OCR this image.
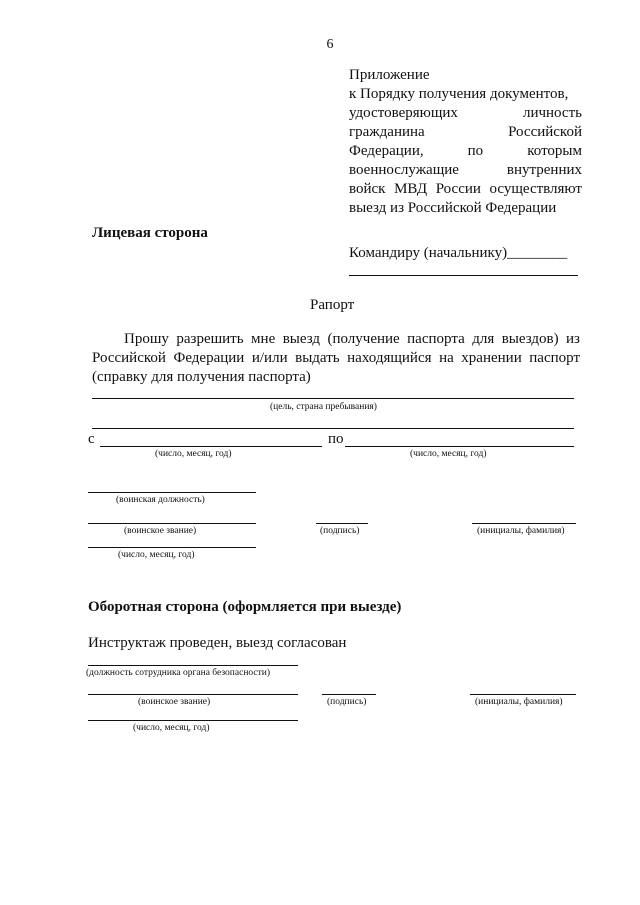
6
Приложение
к Порядку получения документов,
удостоверяющих личность
гражданина Российской
Федерации, по которым
военнослужащие внутренних
войск МВД России осуществляют
выезд из Российской Федерации
Лицевая сторона
Командиру (начальнику)________
Рапорт
Прошу разрешить мне выезд (получение паспорта для выездов) из
Российской Федерации и/или выдать находящийся на хранении паспорт
(справку для получения паспорта)
(цель, страна пребывания)
с	по
(число, месяц, год)	(число, месяц, год)
(воинская должность)
(воинское звание)	(подпись)	(инициалы, фамилия)
(число, месяц, год)
Оборотная сторона (оформляется при выезде)
Инструктаж проведен, выезд согласован
(должность сотрудника органа безопасности)
(воинское звание)	(подпись)	(инициалы, фамилия)
(число, месяц, год)
